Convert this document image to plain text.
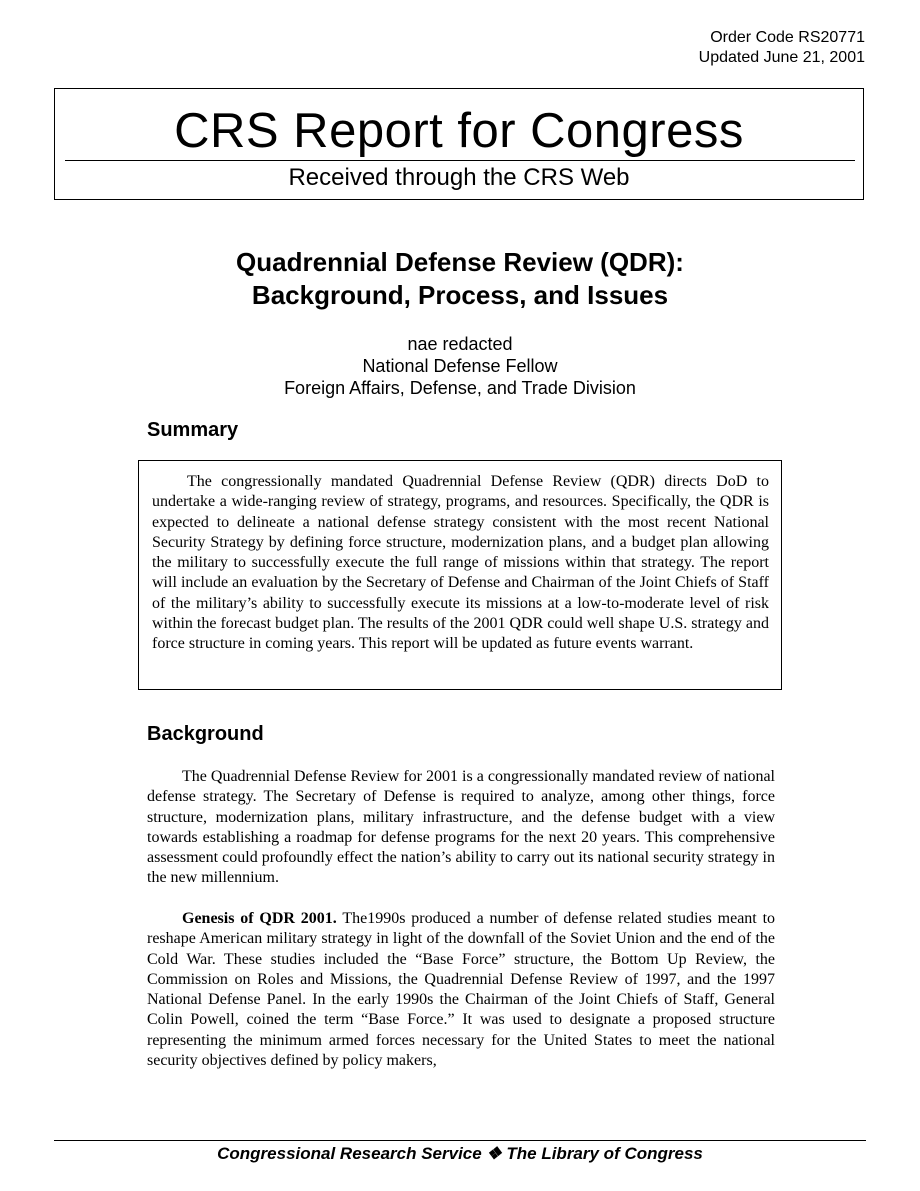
Order Code RS20771
Updated June 21, 2001
CRS Report for Congress
Received through the CRS Web
Quadrennial Defense Review (QDR):
Background, Process, and Issues
nae redacted
National Defense Fellow
Foreign Affairs, Defense, and Trade Division
Summary

The congressionally mandated Quadrennial Defense Review (QDR) directs DoD to undertake a wide-ranging review of strategy, programs, and resources. Specifically, the QDR is expected to delineate a national defense strategy consistent with the most recent National Security Strategy by defining force structure, modernization plans, and a budget plan allowing the military to successfully execute the full range of missions within that strategy. The report will include an evaluation by the Secretary of Defense and Chairman of the Joint Chiefs of Staff of the military’s ability to successfully execute its missions at a low-to-moderate level of risk within the forecast budget plan. The results of the 2001 QDR could well shape U.S. strategy and force structure in coming years. This report will be updated as future events warrant.

Background

The Quadrennial Defense Review for 2001 is a congressionally mandated review of national defense strategy. The Secretary of Defense is required to analyze, among other things, force structure, modernization plans, military infrastructure, and the defense budget with a view towards establishing a roadmap for defense programs for the next 20 years. This comprehensive assessment could profoundly effect the nation’s ability to carry out its national security strategy in the new millennium.

Genesis of QDR 2001. The1990s produced a number of defense related studies meant to reshape American military strategy in light of the downfall of the Soviet Union and the end of the Cold War. These studies included the “Base Force” structure, the Bottom Up Review, the Commission on Roles and Missions, the Quadrennial Defense Review of 1997, and the 1997 National Defense Panel. In the early 1990s the Chairman of the Joint Chiefs of Staff, General Colin Powell, coined the term “Base Force.” It was used to designate a proposed structure representing the minimum armed forces necessary for the United States to meet the national security objectives defined by policy makers,

Congressional Research Service ❖ The Library of Congress
